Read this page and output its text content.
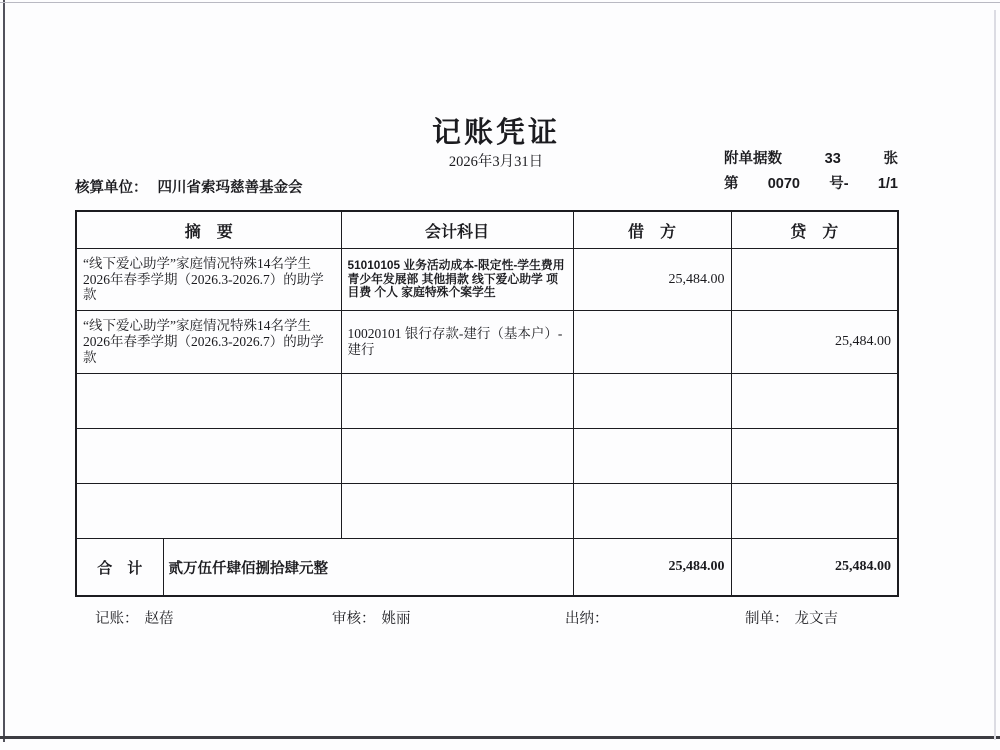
记账凭证
2026年3月31日	附单据数	33	张
第 0070 号- 1/1
核算单位： 四川省索玛慈善基金会
摘　要		会计科目	借　方	贷　方
“线下爱心助学”家庭情况特殊14名学生2026年春季学期（2026.3-2026.7）的助学款		51010105 业务活动成本-限定性-学生费用 青少年发展部 其他捐款 线下爱心助学 项目费 个人 家庭特殊个案学生	25,484.00	
“线下爱心助学”家庭情况特殊14名学生2026年春季学期（2026.3-2026.7）的助学款		10020101 银行存款-建行（基本户）-建行		25,484.00

合　计	贰万伍仟肆佰捌拾肆元整		25,484.00	25,484.00
记账： 赵蓓	审核： 姚丽	出纳：	制单： 龙文吉
